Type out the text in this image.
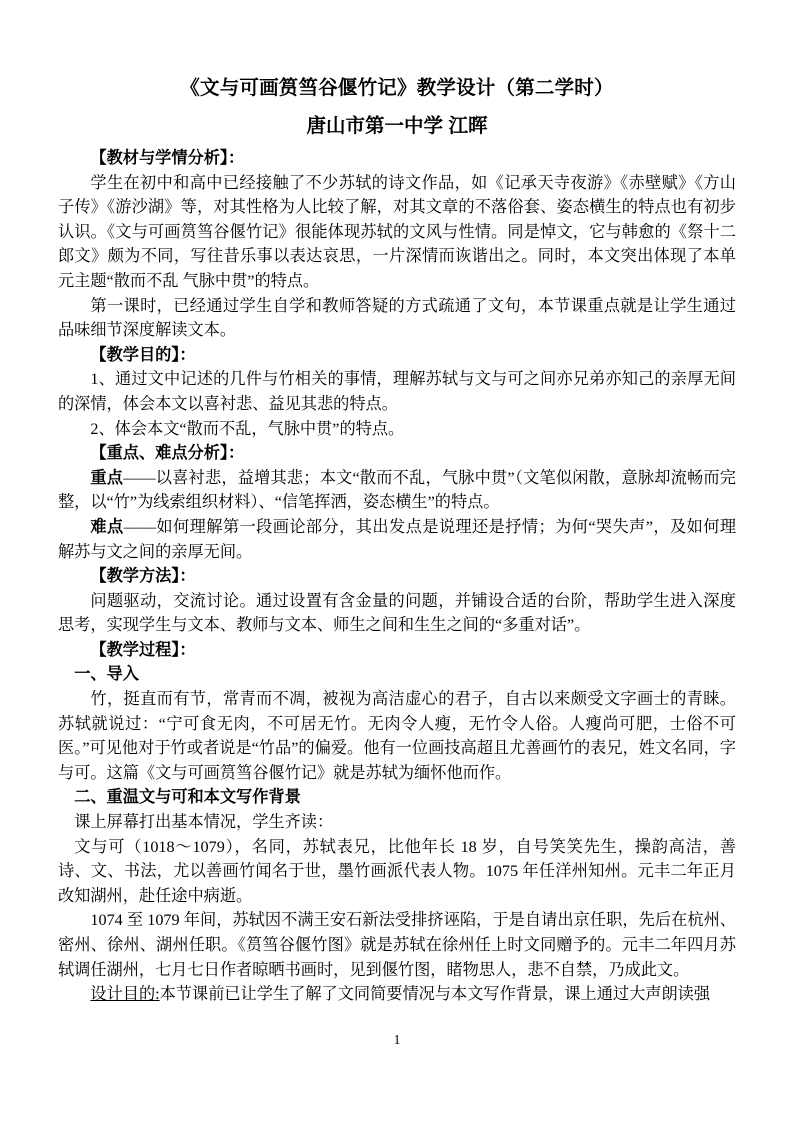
《文与可画筼筜谷偃竹记》教学设计（第二学时）
唐山市第一中学 江晖

【教材与学情分析】：

学生在初中和高中已经接触了不少苏轼的诗文作品，如《记承天寺夜游》《赤壁赋》《方山子传》《游沙湖》等，对其性格为人比较了解，对其文章的不落俗套、姿态横生的特点也有初步认识。《文与可画筼筜谷偃竹记》很能体现苏轼的文风与性情。同是悼文，它与韩愈的《祭十二郎文》颇为不同，写往昔乐事以表达哀思，一片深情而诙谐出之。同时，本文突出体现了本单元主题“散而不乱 气脉中贯”的特点。

第一课时，已经通过学生自学和教师答疑的方式疏通了文句，本节课重点就是让学生通过品味细节深度解读文本。

【教学目的】：

1、通过文中记述的几件与竹相关的事情，理解苏轼与文与可之间亦兄弟亦知己的亲厚无间的深情，体会本文以喜衬悲、益见其悲的特点。

2、体会本文“散而不乱，气脉中贯”的特点。

【重点、难点分析】：

重点——以喜衬悲，益增其悲；本文“散而不乱，气脉中贯”（文笔似闲散，意脉却流畅而完整，以“竹”为线索组织材料）、“信笔挥洒，姿态横生”的特点。

难点——如何理解第一段画论部分，其出发点是说理还是抒情；为何“哭失声”，及如何理解苏与文之间的亲厚无间。

【教学方法】：

问题驱动，交流讨论。通过设置有含金量的问题，并铺设合适的台阶，帮助学生进入深度思考，实现学生与文本、教师与文本、师生之间和生生之间的“多重对话”。

【教学过程】：

一、导入

竹，挺直而有节，常青而不凋，被视为高洁虚心的君子，自古以来颇受文字画士的青睐。苏轼就说过：“宁可食无肉，不可居无竹。无肉令人瘦，无竹令人俗。人瘦尚可肥，士俗不可医。”可见他对于竹或者说是“竹品”的偏爱。他有一位画技高超且尤善画竹的表兄，姓文名同，字与可。这篇《文与可画筼筜谷偃竹记》就是苏轼为缅怀他而作。

二、重温文与可和本文写作背景

课上屏幕打出基本情况，学生齐读：

文与可（1018～1079），名同，苏轼表兄，比他年长 18 岁，自号笑笑先生，操韵高洁，善诗、文、书法，尤以善画竹闻名于世，墨竹画派代表人物。1075 年任洋州知州。元丰二年正月改知湖州，赴任途中病逝。

1074 至 1079 年间，苏轼因不满王安石新法受排挤诬陷，于是自请出京任职，先后在杭州、密州、徐州、湖州任职。《筼筜谷偃竹图》就是苏轼在徐州任上时文同赠予的。元丰二年四月苏轼调任湖州，七月七日作者晾晒书画时，见到偃竹图，睹物思人，悲不自禁，乃成此文。

设计目的:本节课前已让学生了解了文同简要情况与本文写作背景，课上通过大声朗读强

1
